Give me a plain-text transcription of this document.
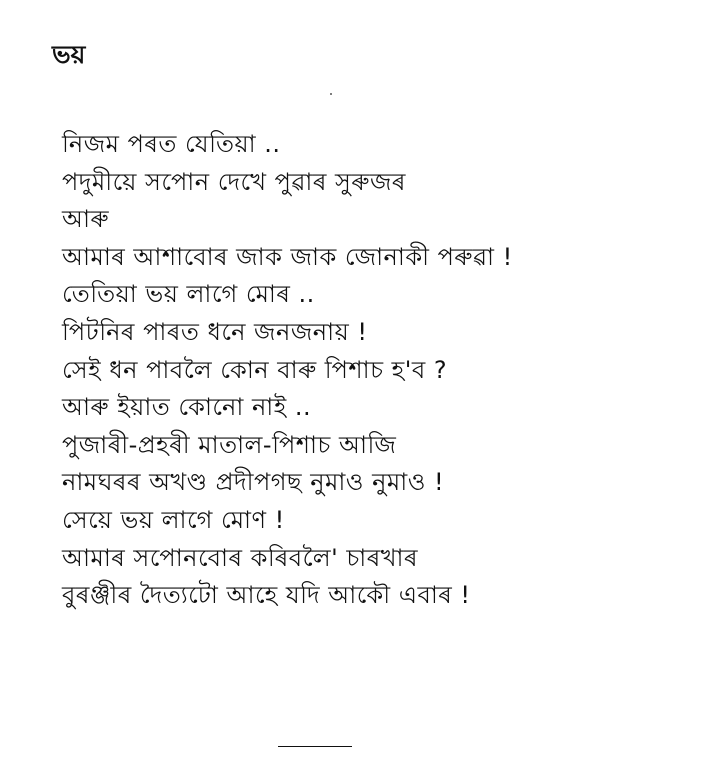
ভয়
নিজম পৰত যেতিয়া ..
পদুমীয়ে সপোন দেখে পুৱাৰ সুৰুজৰ
আৰু
আমাৰ আশাবোৰ জাক জাক জোনাকী পৰুৱা !
তেতিয়া ভয় লাগে মোৰ ..
পিটনিৰ পাৰত ধনে জনজনায় !
সেই ধন পাবলৈ কোন বাৰু পিশাচ হ'ব ?
আৰু ইয়াত কোনো নাই ..
পুজাৰী-প্ৰহৰী মাতাল-পিশাচ আজি
নামঘৰৰ অখণ্ড প্ৰদীপগছ নুমাও নুমাও !
সেয়ে ভয় লাগে মোণ !
আমাৰ সপোনবোৰ কৰিবলৈ' চাৰখাৰ
বুৰঞ্জীৰ দৈত্যটো আহে যদি আকৌ এবাৰ !
